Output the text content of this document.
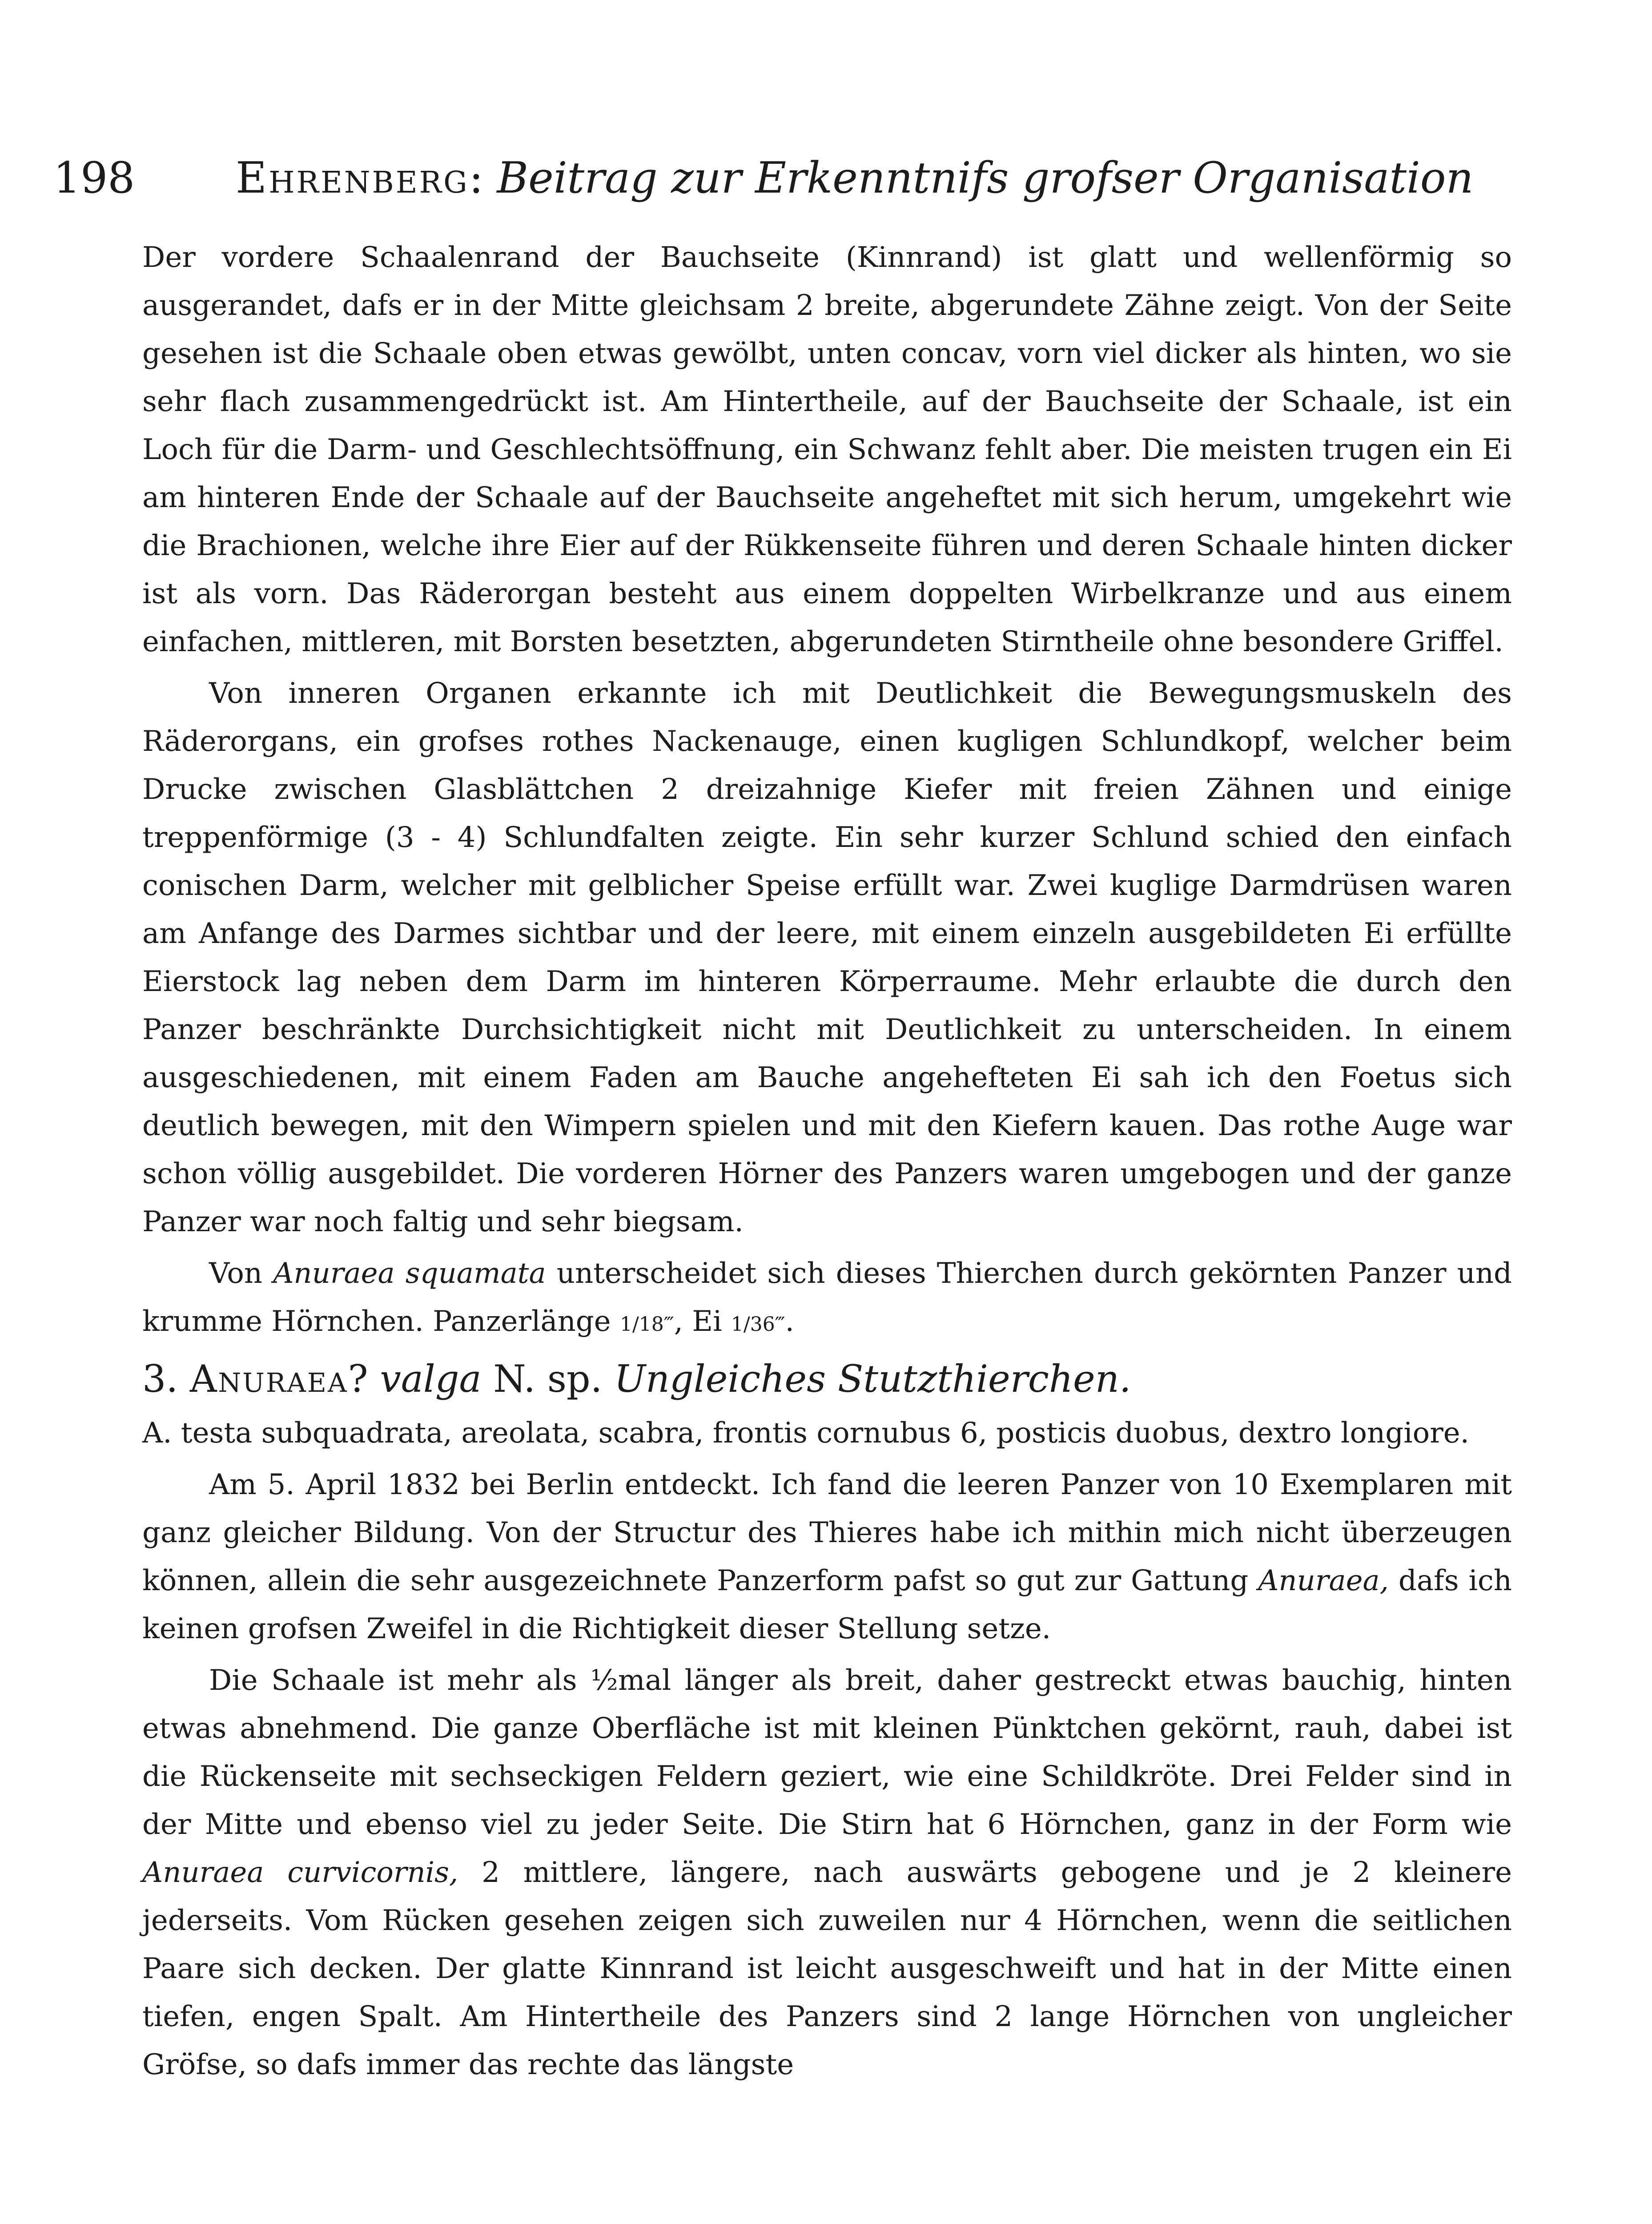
198 Ehrenberg: Beitrag zur Erkenntnifs grofser Organisation

Der vordere Schaalenrand der Bauchseite (Kinnrand) ist glatt und wellenförmig so ausgerandet, dafs er in der Mitte gleichsam 2 breite, abgerundete Zähne zeigt. Von der Seite gesehen ist die Schaale oben etwas gewölbt, unten concav, vorn viel dicker als hinten, wo sie sehr flach zusammengedrückt ist. Am Hintertheile, auf der Bauchseite der Schaale, ist ein Loch für die Darm- und Geschlechtsöffnung, ein Schwanz fehlt aber. Die meisten trugen ein Ei am hinteren Ende der Schaale auf der Bauchseite angeheftet mit sich herum, umgekehrt wie die Brachionen, welche ihre Eier auf der Rükkenseite führen und deren Schaale hinten dicker ist als vorn. Das Räderorgan besteht aus einem doppelten Wirbelkranze und aus einem einfachen, mittleren, mit Borsten besetzten, abgerundeten Stirntheile ohne besondere Griffel.

Von inneren Organen erkannte ich mit Deutlichkeit die Bewegungsmuskeln des Räderorgans, ein grofses rothes Nackenauge, einen kugligen Schlundkopf, welcher beim Drucke zwischen Glasblättchen 2 dreizahnige Kiefer mit freien Zähnen und einige treppenförmige (3 - 4) Schlundfalten zeigte. Ein sehr kurzer Schlund schied den einfach conischen Darm, welcher mit gelblicher Speise erfüllt war. Zwei kuglige Darmdrüsen waren am Anfange des Darmes sichtbar und der leere, mit einem einzeln ausgebildeten Ei erfüllte Eierstock lag neben dem Darm im hinteren Körperraume. Mehr erlaubte die durch den Panzer beschränkte Durchsichtigkeit nicht mit Deutlichkeit zu unterscheiden. In einem ausgeschiedenen, mit einem Faden am Bauche angehefteten Ei sah ich den Foetus sich deutlich bewegen, mit den Wimpern spielen und mit den Kiefern kauen. Das rothe Auge war schon völlig ausgebildet. Die vorderen Hörner des Panzers waren umgebogen und der ganze Panzer war noch faltig und sehr biegsam.

Von Anuraea squamata unterscheidet sich dieses Thierchen durch gekörnten Panzer und krumme Hörnchen. Panzerlänge 1/18‴, Ei 1/36‴.

3. Anuraea? valga N. sp. Ungleiches Stutzthierchen.

A. testa subquadrata, areolata, scabra, frontis cornubus 6, posticis duobus, dextro longiore.

Am 5. April 1832 bei Berlin entdeckt. Ich fand die leeren Panzer von 10 Exemplaren mit ganz gleicher Bildung. Von der Structur des Thieres habe ich mithin mich nicht überzeugen können, allein die sehr ausgezeichnete Panzerform pafst so gut zur Gattung Anuraea, dafs ich keinen grofsen Zweifel in die Richtigkeit dieser Stellung setze.

Die Schaale ist mehr als ½mal länger als breit, daher gestreckt etwas bauchig, hinten etwas abnehmend. Die ganze Oberfläche ist mit kleinen Pünktchen gekörnt, rauh, dabei ist die Rückenseite mit sechseckigen Feldern geziert, wie eine Schildkröte. Drei Felder sind in der Mitte und ebenso viel zu jeder Seite. Die Stirn hat 6 Hörnchen, ganz in der Form wie Anuraea curvicornis, 2 mittlere, längere, nach auswärts gebogene und je 2 kleinere jederseits. Vom Rücken gesehen zeigen sich zuweilen nur 4 Hörnchen, wenn die seitlichen Paare sich decken. Der glatte Kinnrand ist leicht ausgeschweift und hat in der Mitte einen tiefen, engen Spalt. Am Hintertheile des Panzers sind 2 lange Hörnchen von ungleicher Gröfse, so dafs immer das rechte das längste
